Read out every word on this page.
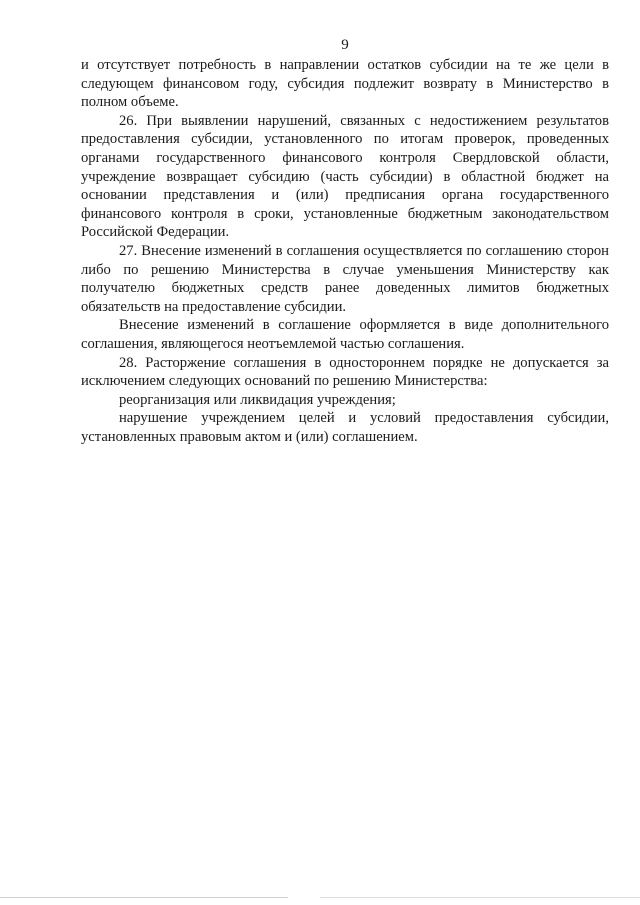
9

и отсутствует потребность в направлении остатков субсидии на те же цели в следующем финансовом году, субсидия подлежит возврату в Министерство в полном объеме.

26. При выявлении нарушений, связанных с недостижением результатов предоставления субсидии, установленного по итогам проверок, проведенных органами государственного финансового контроля Свердловской области, учреждение возвращает субсидию (часть субсидии) в областной бюджет на основании представления и (или) предписания органа государственного финансового контроля в сроки, установленные бюджетным законодательством Российской Федерации.

27. Внесение изменений в соглашения осуществляется по соглашению сторон либо по решению Министерства в случае уменьшения Министерству как получателю бюджетных средств ранее доведенных лимитов бюджетных обязательств на предоставление субсидии.

Внесение изменений в соглашение оформляется в виде дополнительного соглашения, являющегося неотъемлемой частью соглашения.

28. Расторжение соглашения в одностороннем порядке не допускается за исключением следующих оснований по решению Министерства:

реорганизация или ликвидация учреждения;

нарушение учреждением целей и условий предоставления субсидии, установленных правовым актом и (или) соглашением.
